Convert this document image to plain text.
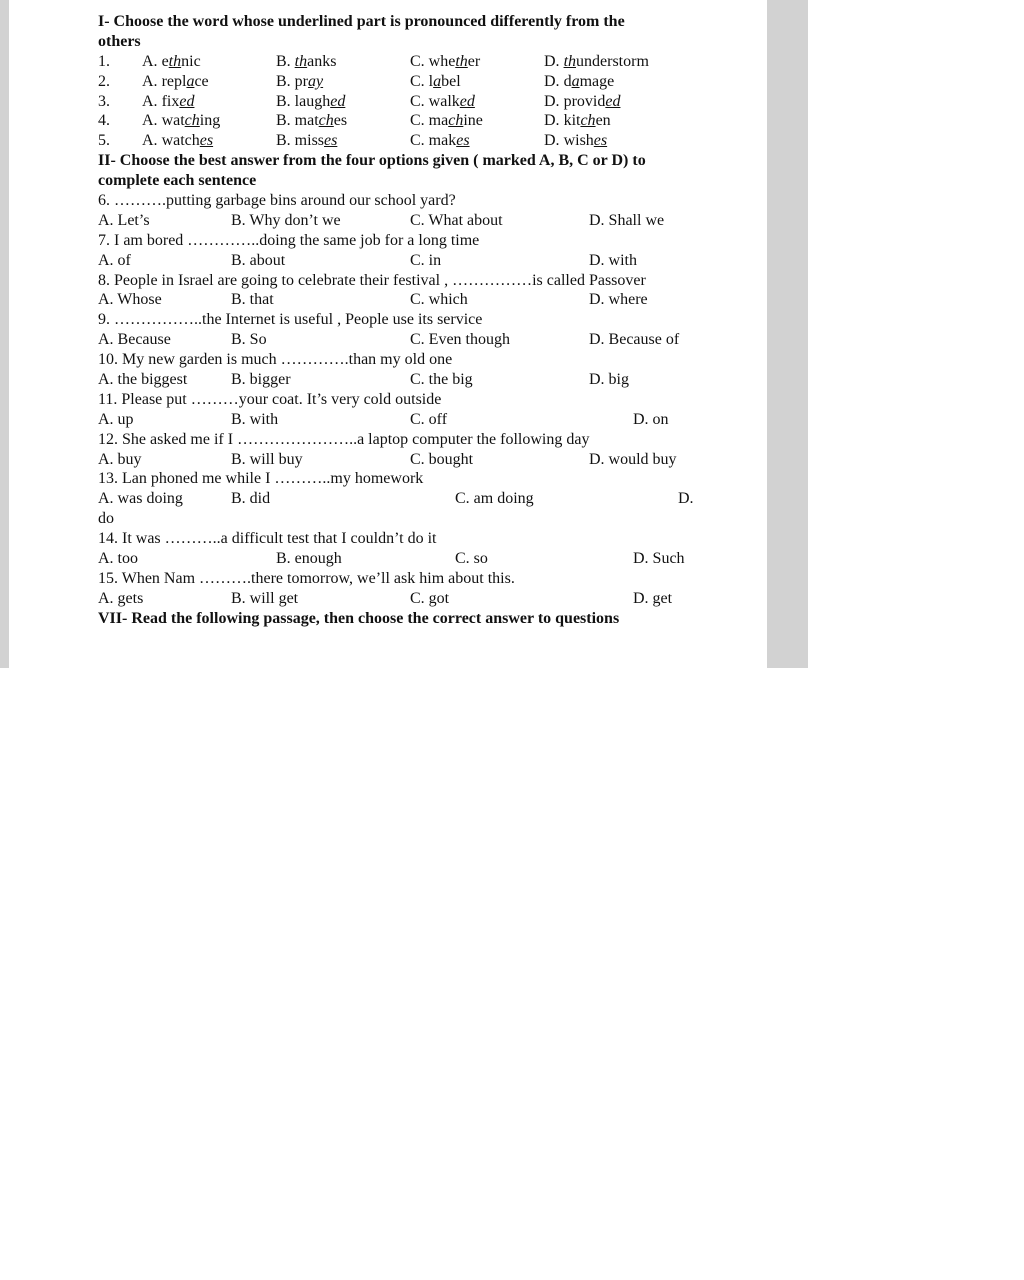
I- Choose the word whose underlined part is pronounced differently from the
others
1. A. ethnic	B. thanks	C. whether	D. thunderstorm
2. A. replace	B. pray	C. label	D. damage
3. A. fixed	B. laughed	C. walked	D. provided
4. A. watching	B. matches	C. machine	D. kitchen
5. A. watches	B. misses	C. makes	D. wishes
II- Choose the best answer from the four options given ( marked A, B, C or D) to
complete each sentence
6. ……….putting garbage bins around our school yard?
A. Let’s	B. Why don’t we	C. What about	D. Shall we
7. I am bored …………..doing the same job for a long time
A. of	B. about	C. in	D. with
8. People in Israel are going to celebrate their festival , ……………is called Passover
A. Whose	B. that	C. which	D. where
9. ……………..the Internet is useful , People use its service
A. Because	B. So	C. Even though	D. Because of
10. My new garden is much ………….than my old one
A. the biggest	B. bigger	C. the big	D. big
11. Please put ………your coat. It’s very cold outside
A. up	B. with	C. off	D. on
12. She asked me if I …………………..a laptop computer the following day
A. buy	B. will buy	C. bought	D. would buy
13. Lan phoned me while I ………..my homework
A. was doing	B. did	C. am doing	D.
do
14. It was ………..a difficult test that I couldn’t do it
A. too	B. enough	C. so	D. Such
15. When Nam ……….there tomorrow, we’ll ask him about this.
A. gets	B. will get	C. got	D. get
VII- Read the following passage, then choose the correct answer to questions
